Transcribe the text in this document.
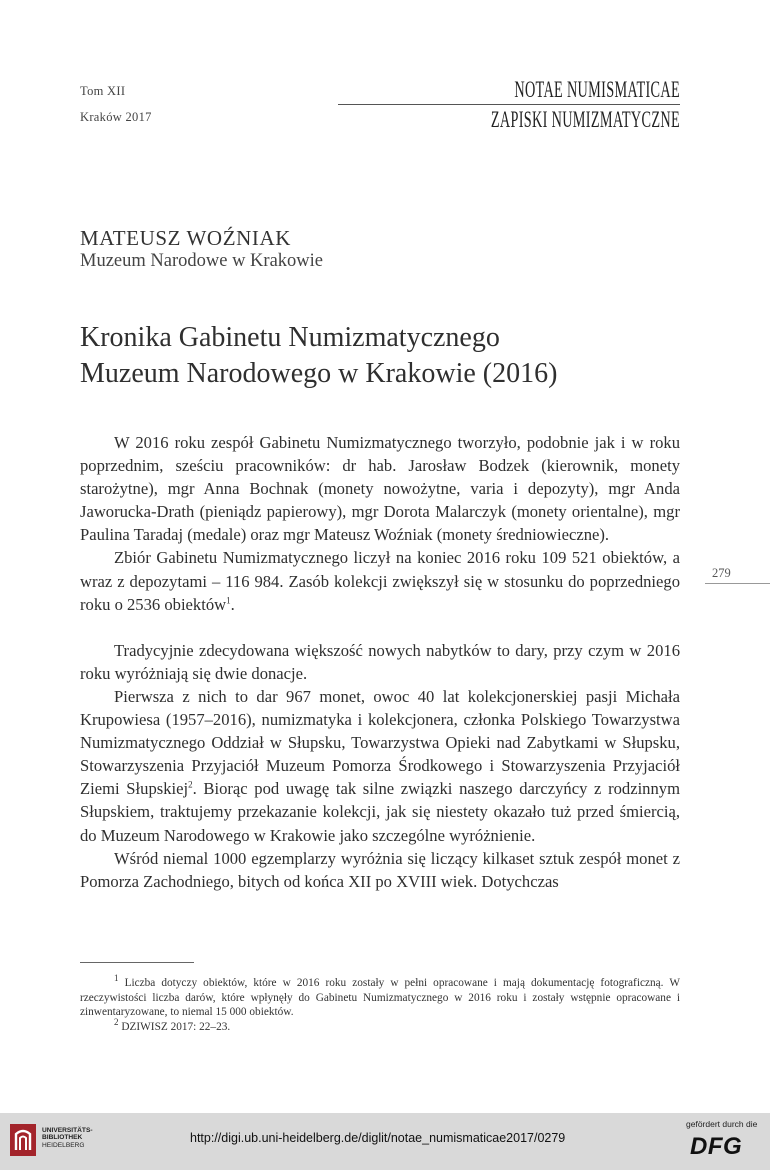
Tom XII
Kraków 2017
NOTAE NUMISMATICAE
ZAPISKI NUMIZMATYCZNE
MATEUSZ WOŹNIAK
Muzeum Narodowe w Krakowie
Kronika Gabinetu Numizmatycznego
Muzeum Narodowego w Krakowie (2016)
279

W 2016 roku zespół Gabinetu Numizmatycznego tworzyło, podobnie jak i w roku poprzednim, sześciu pracowników: dr hab. Jarosław Bodzek (kierownik, monety starożytne), mgr Anna Bochnak (monety nowożytne, varia i depozyty), mgr Anda Jaworucka-Drath (pieniądz papierowy), mgr Dorota Malarczyk (monety orientalne), mgr Paulina Taradaj (medale) oraz mgr Mateusz Woźniak (monety średniowieczne).

Zbiór Gabinetu Numizmatycznego liczył na koniec 2016 roku 109 521 obiektów, a wraz z depozytami – 116 984. Zasób kolekcji zwiększył się w stosunku do poprzedniego roku o 2536 obiektów$^1$.

Tradycyjnie zdecydowana większość nowych nabytków to dary, przy czym w 2016 roku wyróżniają się dwie donacje.

Pierwsza z nich to dar 967 monet, owoc 40 lat kolekcjonerskiej pasji Michała Krupowiesa (1957–2016), numizmatyka i kolekcjonera, członka Polskiego Towarzystwa Numizmatycznego Oddział w Słupsku, Towarzystwa Opieki nad Zabytkami w Słupsku, Stowarzyszenia Przyjaciół Muzeum Pomorza Środkowego i Stowarzyszenia Przyjaciół Ziemi Słupskiej$^2$. Biorąc pod uwagę tak silne związki naszego darczyńcy z rodzinnym Słupskiem, traktujemy przekazanie kolekcji, jak się niestety okazało tuż przed śmiercią, do Muzeum Narodowego w Krakowie jako szczególne wyróżnienie.

Wśród niemal 1000 egzemplarzy wyróżnia się liczący kilkaset sztuk zespół monet z Pomorza Zachodniego, bitych od końca XII po XVIII wiek. Dotychczas

$^1$ Liczba dotyczy obiektów, które w 2016 roku zostały w pełni opracowane i mają dokumentację fotograficzną. W rzeczywistości liczba darów, które wpłynęły do Gabinetu Numizmatycznego w 2016 roku i zostały wstępnie opracowane i zinwentaryzowane, to niemal 15 000 obiektów.

$^2$ DZIWISZ 2017: 22–23.

UNIVERSITÄTS-
BIBLIOTHEK
HEIDELBERG
http://digi.ub.uni-heidelberg.de/diglit/notae_numismaticae2017/0279
gefördert durch die
DFG
